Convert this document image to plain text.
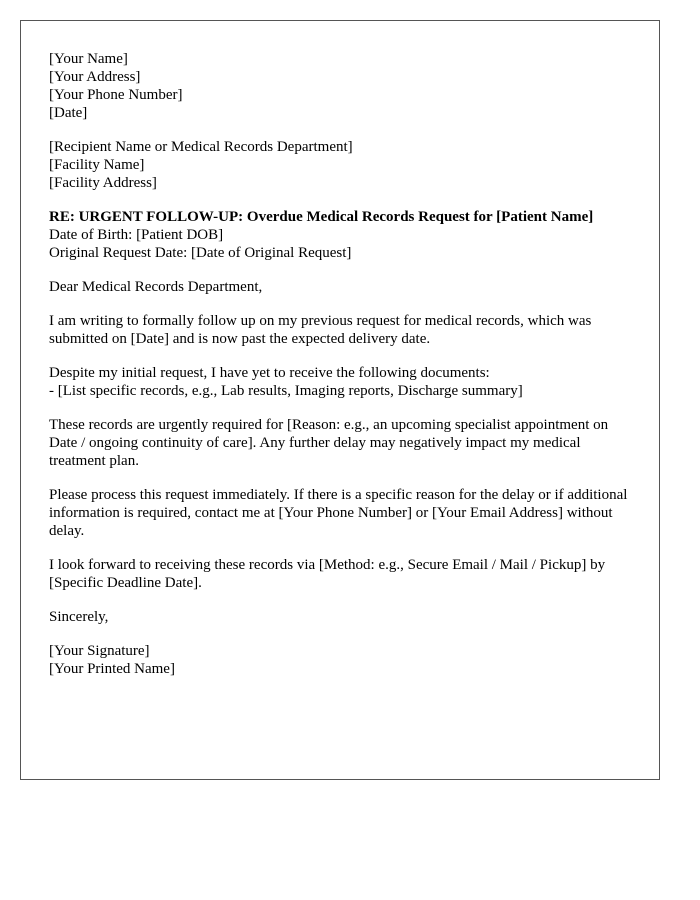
[Your Name]
[Your Address]
[Your Phone Number]
[Date]
[Recipient Name or Medical Records Department]
[Facility Name]
[Facility Address]
RE: URGENT FOLLOW-UP: Overdue Medical Records Request for [Patient Name]
Date of Birth: [Patient DOB]
Original Request Date: [Date of Original Request]
Dear Medical Records Department,
I am writing to formally follow up on my previous request for medical records, which was submitted on [Date] and is now past the expected delivery date.
Despite my initial request, I have yet to receive the following documents:
- [List specific records, e.g., Lab results, Imaging reports, Discharge summary]
These records are urgently required for [Reason: e.g., an upcoming specialist appointment on Date / ongoing continuity of care]. Any further delay may negatively impact my medical treatment plan.
Please process this request immediately. If there is a specific reason for the delay or if additional information is required, contact me at [Your Phone Number] or [Your Email Address] without delay.
I look forward to receiving these records via [Method: e.g., Secure Email / Mail / Pickup] by [Specific Deadline Date].
Sincerely,
[Your Signature]
[Your Printed Name]
